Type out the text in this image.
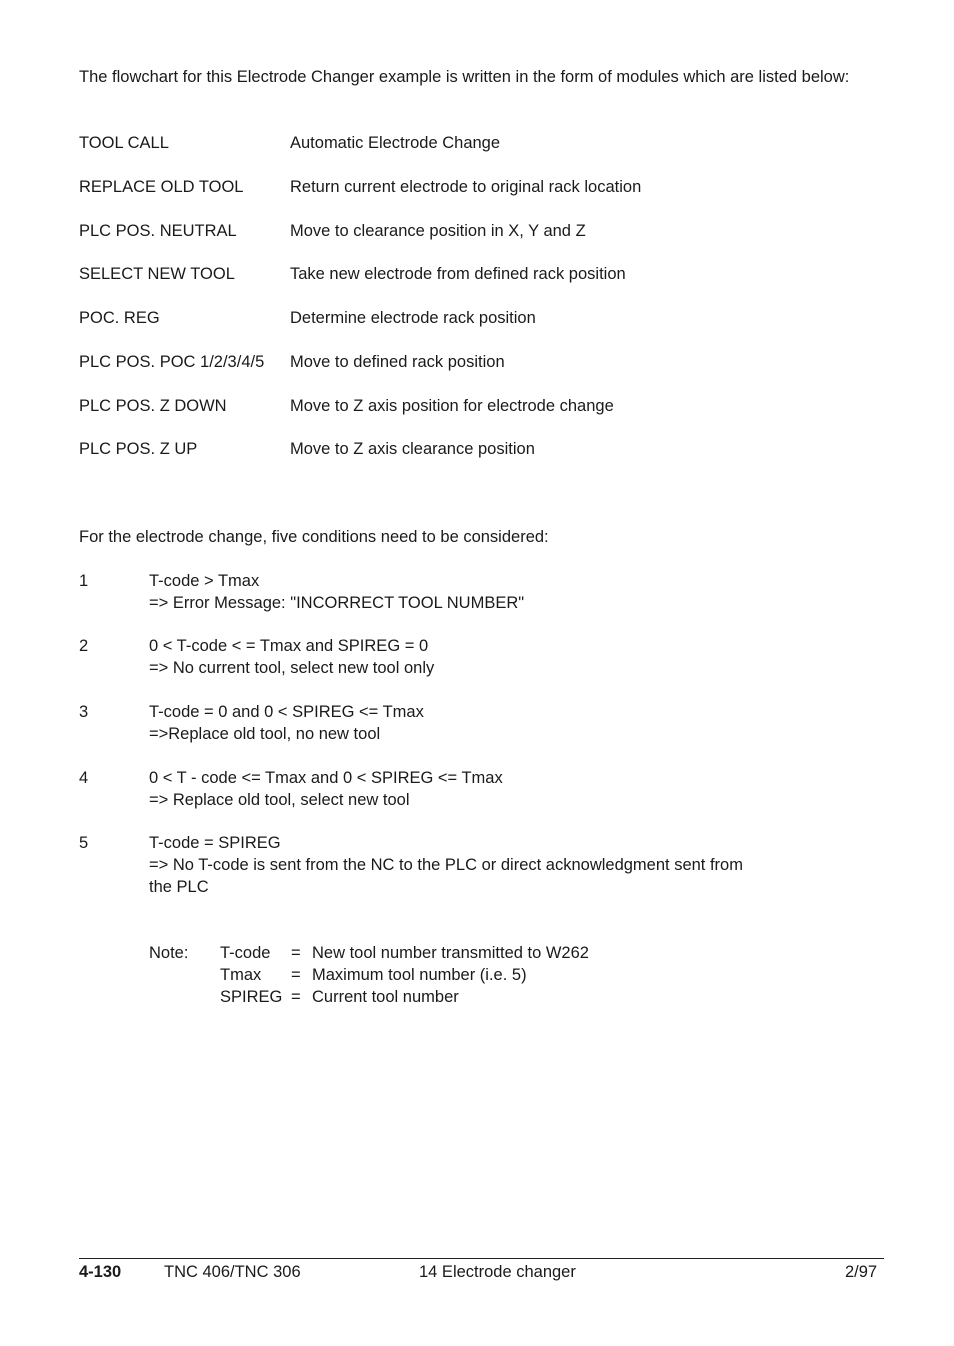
The flowchart for this Electrode Changer example is written in the form of modules which are listed below:
TOOL CALL	Automatic Electrode Change
REPLACE OLD TOOL	Return current electrode to original rack location
PLC POS. NEUTRAL	Move to clearance position in X, Y and Z
SELECT NEW TOOL	Take new electrode from defined rack position
POC. REG	Determine electrode rack position
PLC POS. POC 1/2/3/4/5 Move to defined rack position
PLC POS. Z DOWN	Move to Z axis position for electrode change
PLC POS. Z UP	Move to Z axis clearance position
For the electrode change, five conditions need to be considered:
1	T-code > Tmax
=> Error Message: "INCORRECT TOOL NUMBER"
2	0 < T-code < = Tmax and SPIREG = 0
=> No current tool, select new tool only
3	T-code = 0 and 0 < SPIREG <= Tmax
=>Replace old tool, no new tool
4	0 < T - code <= Tmax and 0 < SPIREG <= Tmax
=> Replace old tool, select new tool
5	T-code = SPIREG
=> No T-code is sent from the NC to the PLC or direct acknowledgment sent from
the PLC
Note: T-code = New tool number transmitted to W262
Tmax = Maximum tool number (i.e. 5)
SPIREG = Current tool number
4-130	TNC 406/TNC 306	14 Electrode changer	2/97
